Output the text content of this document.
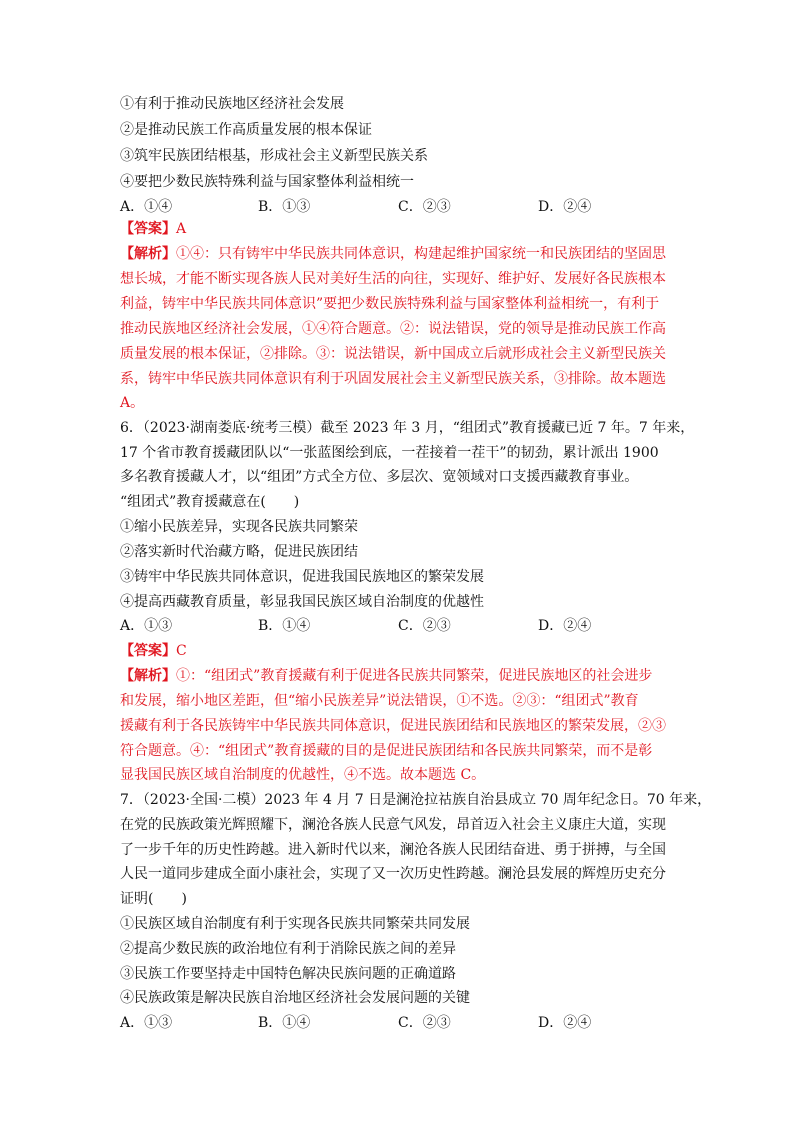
①有利于推动民族地区经济社会发展
②是推动民族工作高质量发展的根本保证
③筑牢民族团结根基，形成社会主义新型民族关系
④要把少数民族特殊利益与国家整体利益相统一
A．①④	B．①③	C．②③	D．②④
【答案】A
【解析】①④：只有铸牢中华民族共同体意识，构建起维护国家统一和民族团结的坚固思
想长城，才能不断实现各族人民对美好生活的向往，实现好、维护好、发展好各民族根本
利益，铸牢中华民族共同体意识”要把少数民族特殊利益与国家整体利益相统一，有利于
推动民族地区经济社会发展，①④符合题意。②：说法错误，党的领导是推动民族工作高
质量发展的根本保证，②排除。③：说法错误，新中国成立后就形成社会主义新型民族关
系，铸牢中华民族共同体意识有利于巩固发展社会主义新型民族关系，③排除。故本题选
A。
6．（2023·湖南娄底·统考三模）截至 2023 年 3 月，“组团式”教育援藏已近 7 年。7 年来，
17 个省市教育援藏团队以“一张蓝图绘到底，一茬接着一茬干”的韧劲，累计派出 1900
多名教育援藏人才，以“组团”方式全方位、多层次、宽领域对口支援西藏教育事业。
“组团式”教育援藏意在(　　)
①缩小民族差异，实现各民族共同繁荣
②落实新时代治藏方略，促进民族团结
③铸牢中华民族共同体意识，促进我国民族地区的繁荣发展
④提高西藏教育质量，彰显我国民族区域自治制度的优越性
A．①③	B．①④	C．②③	D．②④
【答案】C
【解析】①：“组团式”教育援藏有利于促进各民族共同繁荣，促进民族地区的社会进步
和发展，缩小地区差距，但“缩小民族差异”说法错误，①不选。②③：“组团式”教育
援藏有利于各民族铸牢中华民族共同体意识，促进民族团结和民族地区的繁荣发展，②③
符合题意。④：“组团式”教育援藏的目的是促进民族团结和各民族共同繁荣，而不是彰
显我国民族区域自治制度的优越性，④不选。故本题选 C。
7．（2023·全国·二模）2023 年 4 月 7 日是澜沧拉祜族自治县成立 70 周年纪念日。70 年来，
在党的民族政策光辉照耀下，澜沧各族人民意气风发，昂首迈入社会主义康庄大道，实现
了一步千年的历史性跨越。进入新时代以来，澜沧各族人民团结奋进、勇于拼搏，与全国
人民一道同步建成全面小康社会，实现了又一次历史性跨越。澜沧县发展的辉煌历史充分
证明(　　)
①民族区域自治制度有利于实现各民族共同繁荣共同发展
②提高少数民族的政治地位有利于消除民族之间的差异
③民族工作要坚持走中国特色解决民族问题的正确道路
④民族政策是解决民族自治地区经济社会发展问题的关键
A．①③	B．①④	C．②③	D．②④
